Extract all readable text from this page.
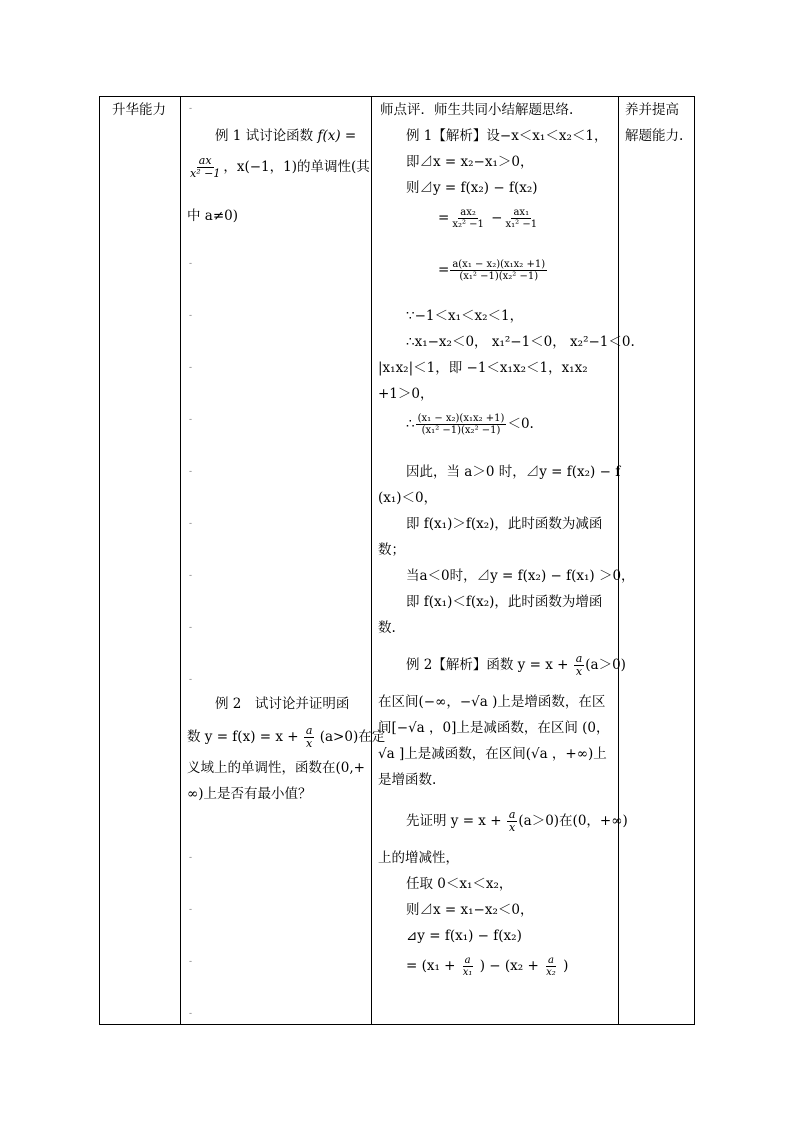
升华能力	-
例 1 试讨论函数 f(x) =
$\frac{ax}{\text{x² −1}}$ ，x(−1，1)的单调性(其
中 a≠0)
-
-
-
-
-
-
-
-
-
例 2　试讨论并证明函
数 $y = f(x) = x + \frac{a}{x} (a>0)$在定
义域上的单调性，函数在(0,+
∞)上是否有最小值？
-
-
-
-
师点评．师生共同小结解题思络.
例 1【解析】设−x＜x₁＜x₂＜1，
即⊿x = x₂−x₁＞0，
则⊿y = f(x₂) − f(x₂)
= $\frac{\text{ax₂}}{\text{x₂² −1}} - \frac{\text{ax₁}}{\text{x₁² −1}}$
= $\frac{\text{a(x₁ − x₂)(x₁x₂ +1)}}{\text{(x₁² −1)(x₂² −1)}}$
∵−1＜x₁＜x₂＜1，
∴x₁−x₂＜0， x₁²−1＜0， x₂²−1＜0.
|x₁x₂|＜1，即 −1＜x₁x₂＜1，x₁x₂
+1＞0，
∴ $\frac{\text{(x₁ − x₂)(x₁x₂ +1)}}{\text{(x₁² −1)(x₂² −1)}} <0$.
因此，当 a＞0 时，⊿y = f(x₂) − f
(x₁)＜0，
即 f(x₁)＞f(x₂)，此时函数为减函
数；
当a＜0时，⊿y = f(x₂) − f(x₁) ＞0，
即 f(x₁)＜f(x₂)，此时函数为增函
数.
例 2【解析】函数 $y = x + \frac{a}{x} (a>0)$
在区间(−∞，−√a )上是增函数，在区
间[−√a ，0]上是减函数，在区间 (0，
√a ]上是减函数，在区间(√a ，+∞)上
是增函数.
先证明 $y = x + \frac{a}{x} (a>0)$在(0，+∞)
上的增减性，
任取 0＜x₁＜x₂，
则⊿x = x₁−x₂＜0，
⊿y = f(x₁) − f(x₂)
= ($x_1 + \frac{a}{\text{x₁}}$ ) − ($x_2 + \frac{a}{\text{x₂}}$ )
养并提高
解题能力.
